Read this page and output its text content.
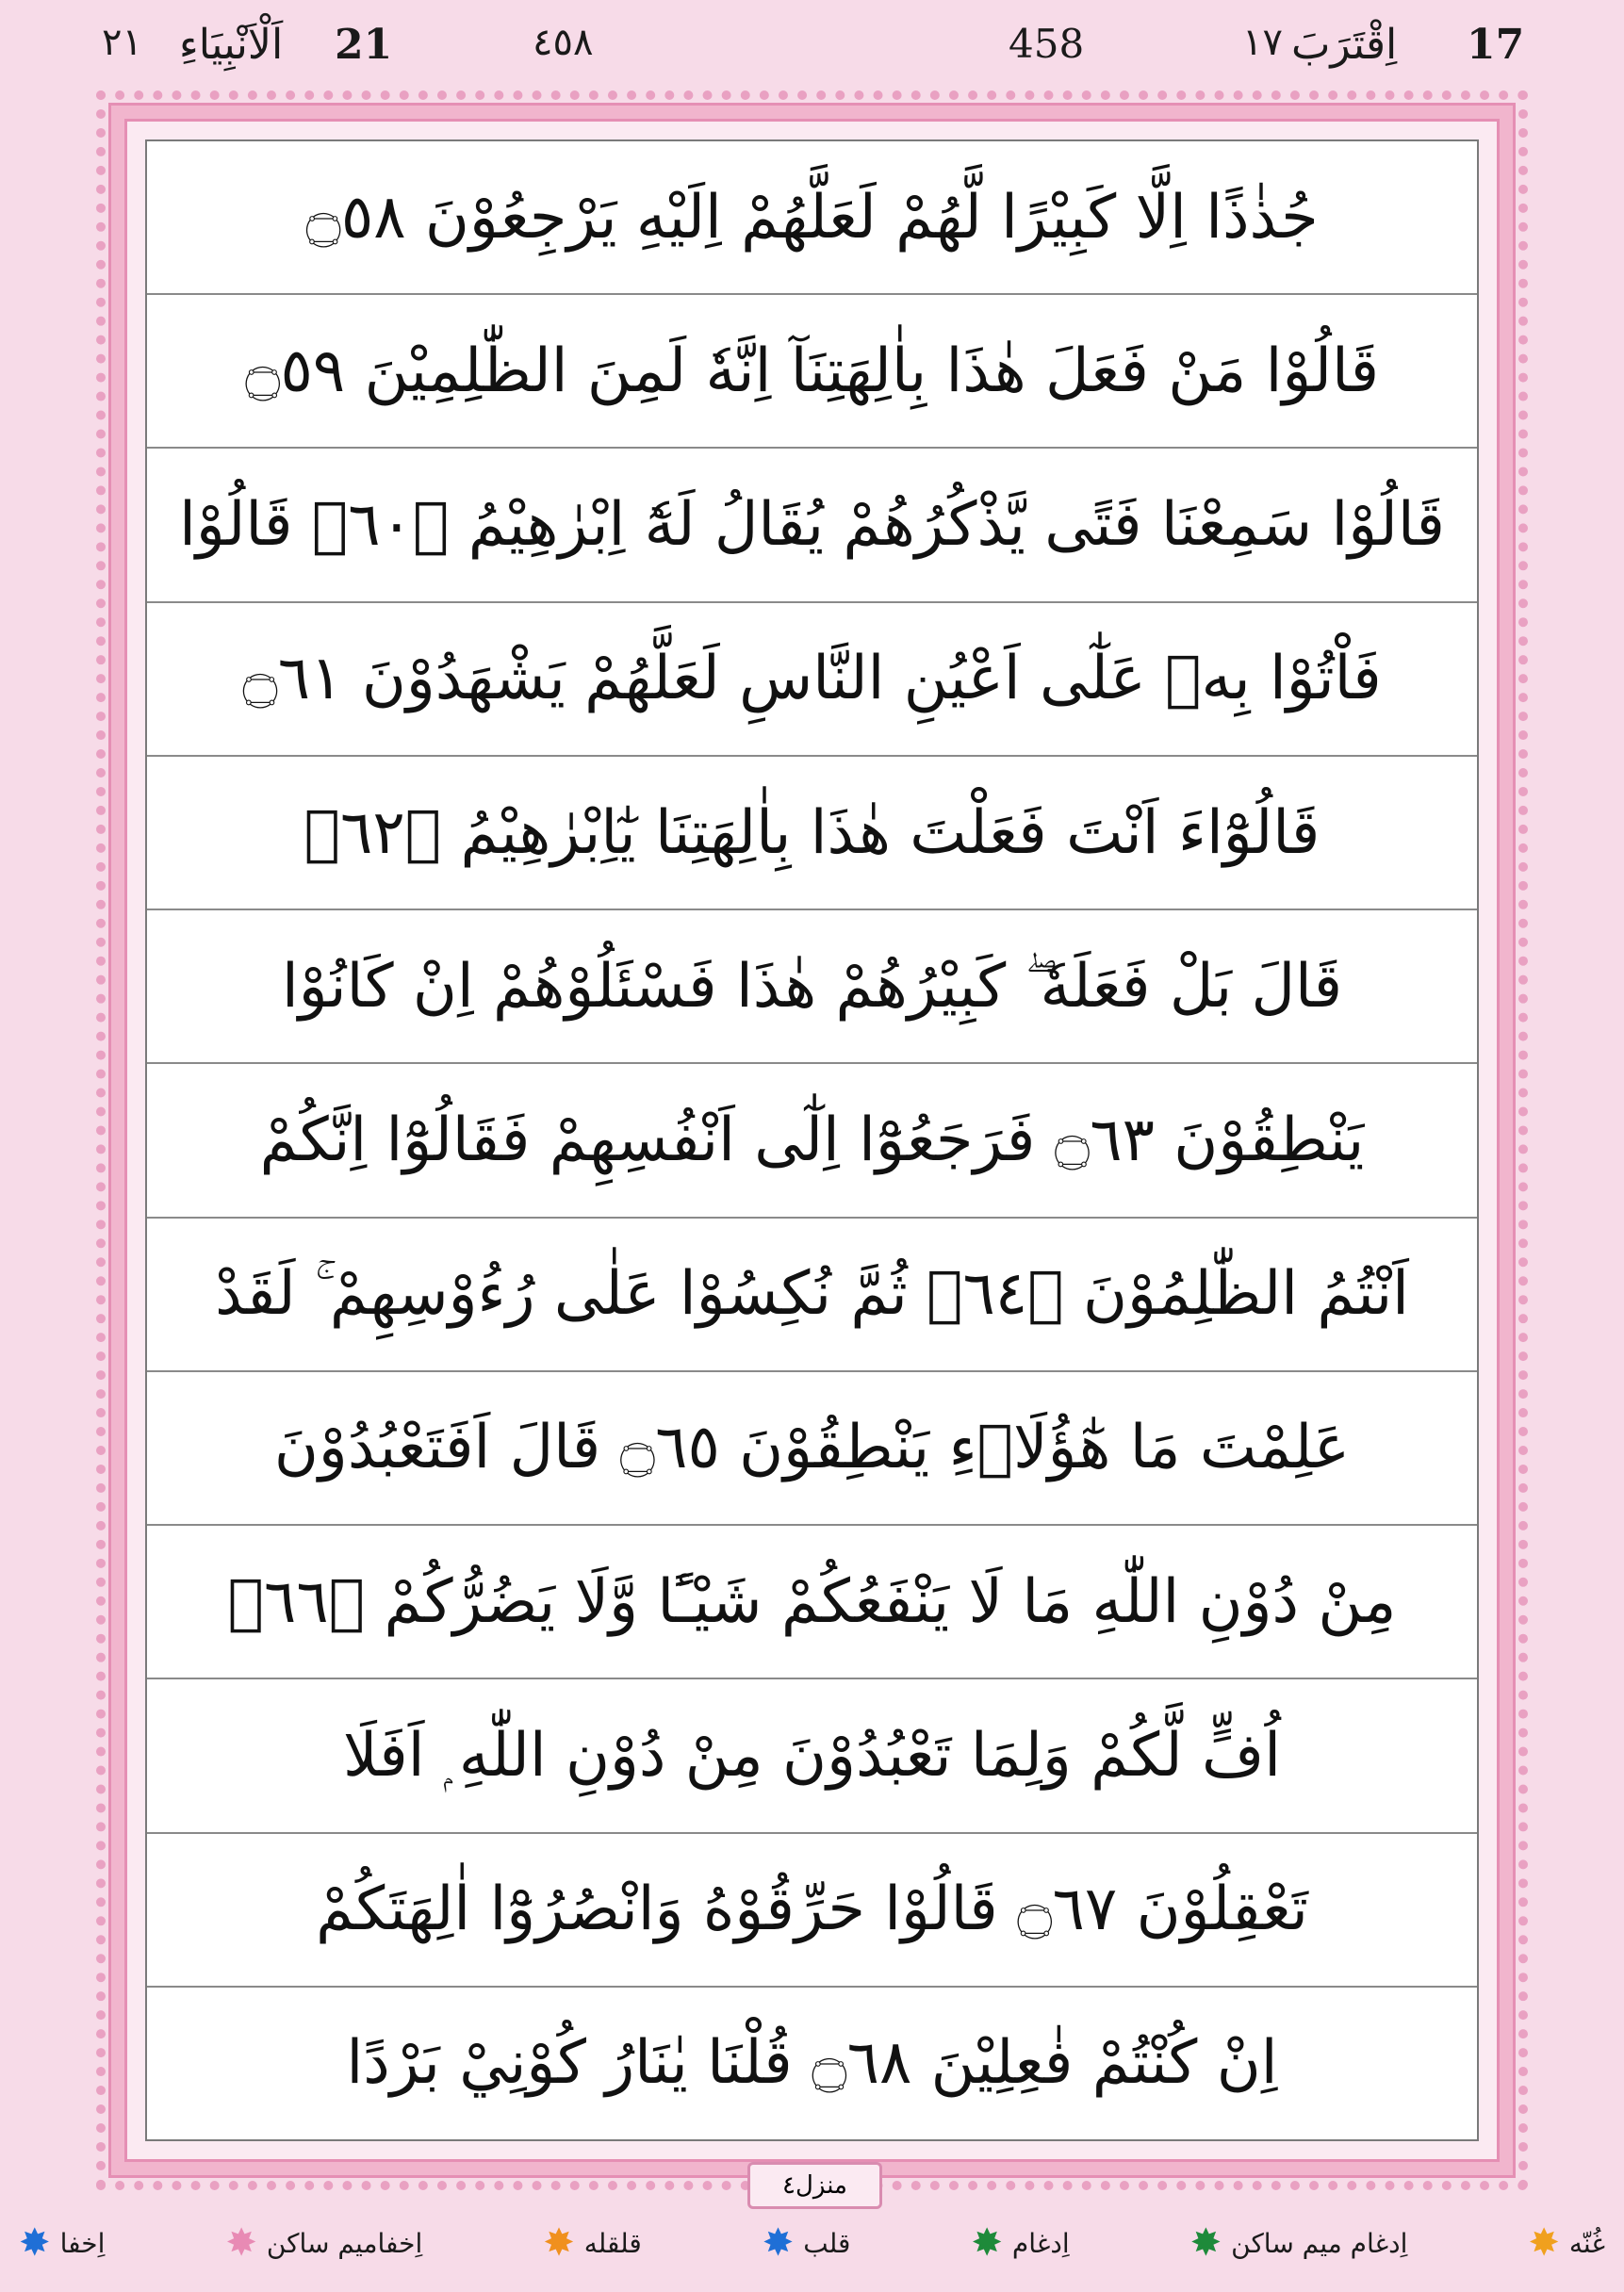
17
اِقْتَرَبَ
١٧
458
٤٥٨
21
اَلْاَنْبِيَاءِ
٢١
جُذٰذًا اِلَّا كَبِيْرًا لَّهُمْ لَعَلَّهُمْ اِلَيْهِ يَرْجِعُوْنَ ۝٥٨
قَالُوْا مَنْ فَعَلَ هٰذَا بِاٰلِهَتِنَآ اِنَّهٗ لَمِنَ الظّٰلِمِيْنَ ۝٥٩
قَالُوْا سَمِعْنَا فَتًى يَّذْكُرُهُمْ يُقَالُ لَهٗٓ اِبْرٰهِيْمُ ۝٦٠ۭ قَالُوْا
فَاْتُوْا بِهٖ عَلٰٓى اَعْيُنِ النَّاسِ لَعَلَّهُمْ يَشْهَدُوْنَ ۝٦١
قَالُوْٓاءَ اَنْتَ فَعَلْتَ هٰذَا بِاٰلِهَتِنَا يٰٓاِبْرٰهِيْمُ ۝٦٢ۭ
قَالَ بَلْ فَعَلَهٗ ۖ كَبِيْرُهُمْ هٰذَا فَسْئَلُوْهُمْ اِنْ كَانُوْا
يَنْطِقُوْنَ ۝٦٣ فَرَجَعُوْٓا اِلٰٓى اَنْفُسِهِمْ فَقَالُوْٓا اِنَّكُمْ
اَنْتُمُ الظّٰلِمُوْنَ ۝٦٤ۙ ثُمَّ نُكِسُوْا عَلٰى رُءُوْسِهِمْ ۚ لَقَدْ
عَلِمْتَ مَا هٰٓؤُلَاۗءِ يَنْطِقُوْنَ ۝٦٥ قَالَ اَفَتَعْبُدُوْنَ
مِنْ دُوْنِ اللّٰهِ مَا لَا يَنْفَعُكُمْ شَيْـًٔا وَّلَا يَضُرُّكُمْ ۝٦٦ۭ
اُفٍّ لَّكُمْ وَلِمَا تَعْبُدُوْنَ مِنْ دُوْنِ اللّٰهِ ۭ اَفَلَا
تَعْقِلُوْنَ ۝٦٧ قَالُوْا حَرِّقُوْهُ وَانْصُرُوْٓا اٰلِهَتَكُمْ
اِنْ كُنْتُمْ فٰعِلِيْنَ ۝٦٨ قُلْنَا يٰنَارُ كُوْنِيْ بَرْدًا
منزل٤
✸ اِخفا	✸ اِخفامیم ساکن	✸ قلقله	✸ قلب	✸ اِدغام	✸ اِدغام میم ساکن	✸ غُنّه
